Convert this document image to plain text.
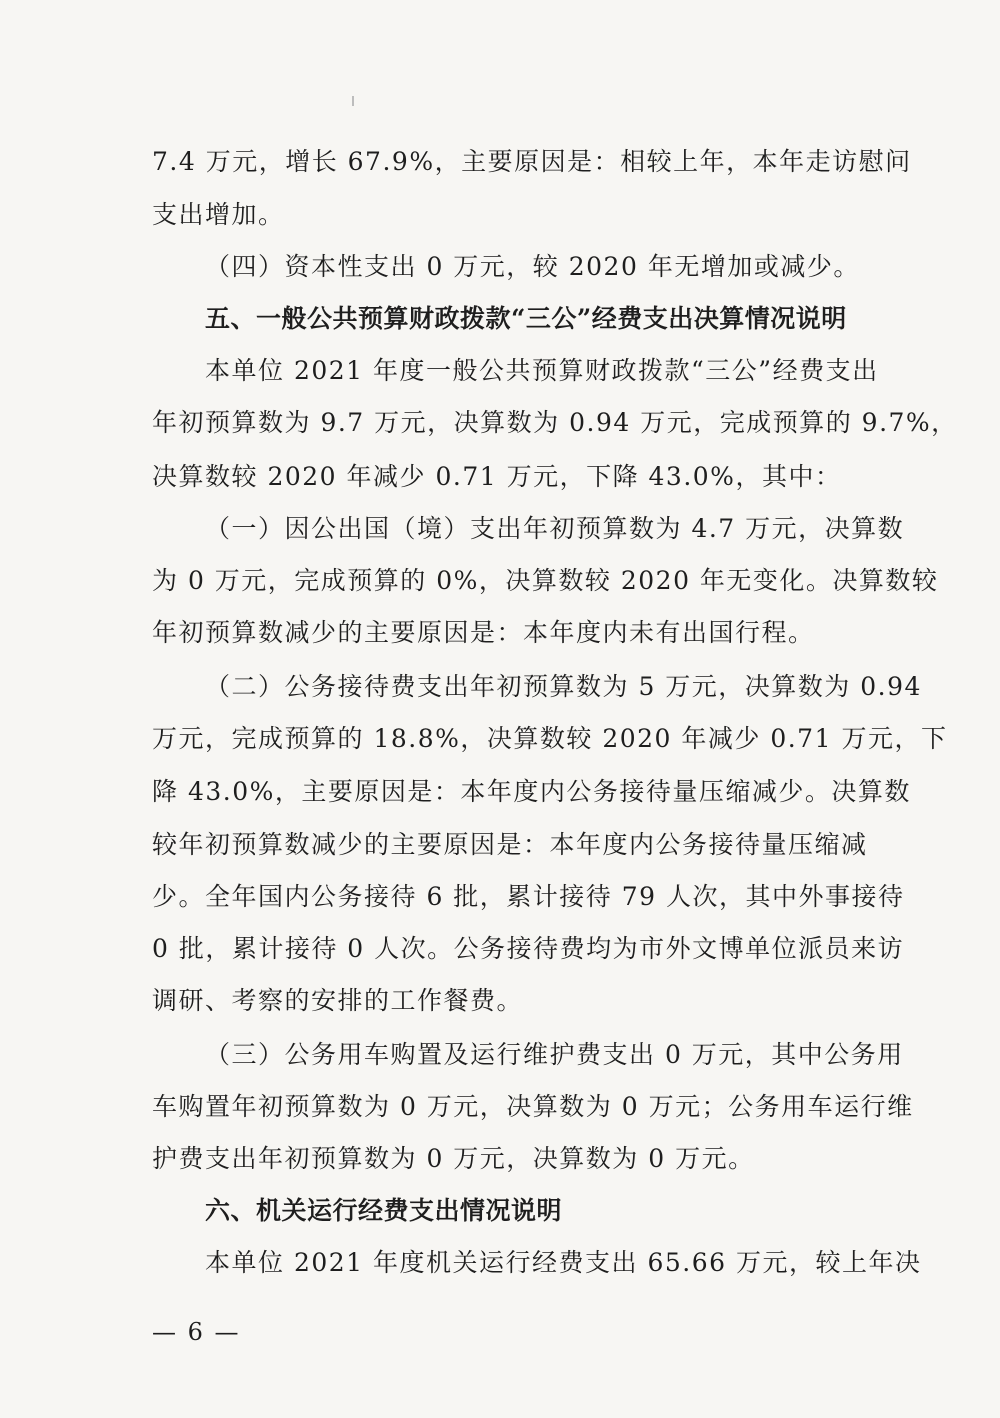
7.4 万元，增长 67.9%，主要原因是：相较上年，本年走访慰问
支出增加。
（四）资本性支出 0 万元，较 2020 年无增加或减少。
五、一般公共预算财政拨款“三公”经费支出决算情况说明
本单位 2021 年度一般公共预算财政拨款“三公”经费支出
年初预算数为 9.7 万元，决算数为 0.94 万元，完成预算的 9.7%，
决算数较 2020 年减少 0.71 万元，下降 43.0%，其中：
（一）因公出国（境）支出年初预算数为 4.7 万元，决算数
为 0 万元，完成预算的 0%，决算数较 2020 年无变化。决算数较
年初预算数减少的主要原因是：本年度内未有出国行程。
（二）公务接待费支出年初预算数为 5 万元，决算数为 0.94
万元，完成预算的 18.8%，决算数较 2020 年减少 0.71 万元，下
降 43.0%，主要原因是：本年度内公务接待量压缩减少。决算数
较年初预算数减少的主要原因是：本年度内公务接待量压缩减
少。全年国内公务接待 6 批，累计接待 79 人次，其中外事接待
0 批，累计接待 0 人次。公务接待费均为市外文博单位派员来访
调研、考察的安排的工作餐费。
（三）公务用车购置及运行维护费支出 0 万元，其中公务用
车购置年初预算数为 0 万元，决算数为 0 万元；公务用车运行维
护费支出年初预算数为 0 万元，决算数为 0 万元。
六、机关运行经费支出情况说明
本单位 2021 年度机关运行经费支出 65.66 万元，较上年决
— 6 —
